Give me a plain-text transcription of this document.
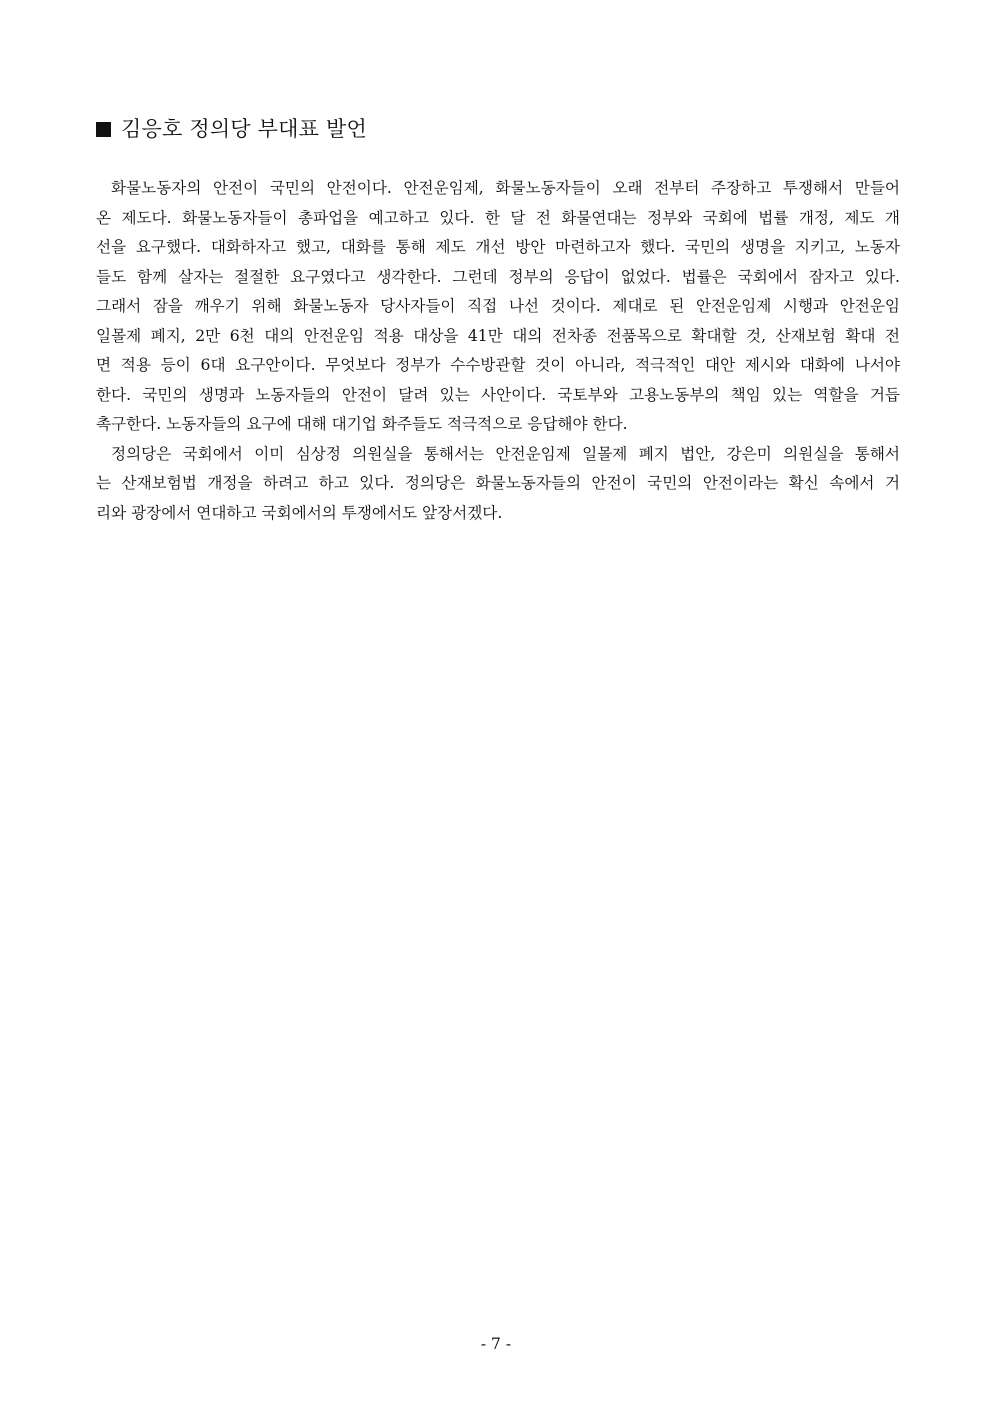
김응호 정의당 부대표 발언
화물노동자의 안전이 국민의 안전이다. 안전운임제, 화물노동자들이 오래 전부터 주장하고 투쟁해서 만들어
온 제도다. 화물노동자들이 총파업을 예고하고 있다. 한 달 전 화물연대는 정부와 국회에 법률 개정, 제도 개
선을 요구했다. 대화하자고 했고, 대화를 통해 제도 개선 방안 마련하고자 했다. 국민의 생명을 지키고, 노동자
들도 함께 살자는 절절한 요구였다고 생각한다. 그런데 정부의 응답이 없었다. 법률은 국회에서 잠자고 있다.
그래서 잠을 깨우기 위해 화물노동자 당사자들이 직접 나선 것이다. 제대로 된 안전운임제 시행과 안전운임
일몰제 폐지, 2만 6천 대의 안전운임 적용 대상을 41만 대의 전차종 전품목으로 확대할 것, 산재보험 확대 전
면 적용 등이 6대 요구안이다. 무엇보다 정부가 수수방관할 것이 아니라, 적극적인 대안 제시와 대화에 나서야
한다. 국민의 생명과 노동자들의 안전이 달려 있는 사안이다. 국토부와 고용노동부의 책임 있는 역할을 거듭
촉구한다. 노동자들의 요구에 대해 대기업 화주들도 적극적으로 응답해야 한다.
정의당은 국회에서 이미 심상정 의원실을 통해서는 안전운임제 일몰제 폐지 법안, 강은미 의원실을 통해서
는 산재보험법 개정을 하려고 하고 있다. 정의당은 화물노동자들의 안전이 국민의 안전이라는 확신 속에서 거
리와 광장에서 연대하고 국회에서의 투쟁에서도 앞장서겠다.
- 7 -
